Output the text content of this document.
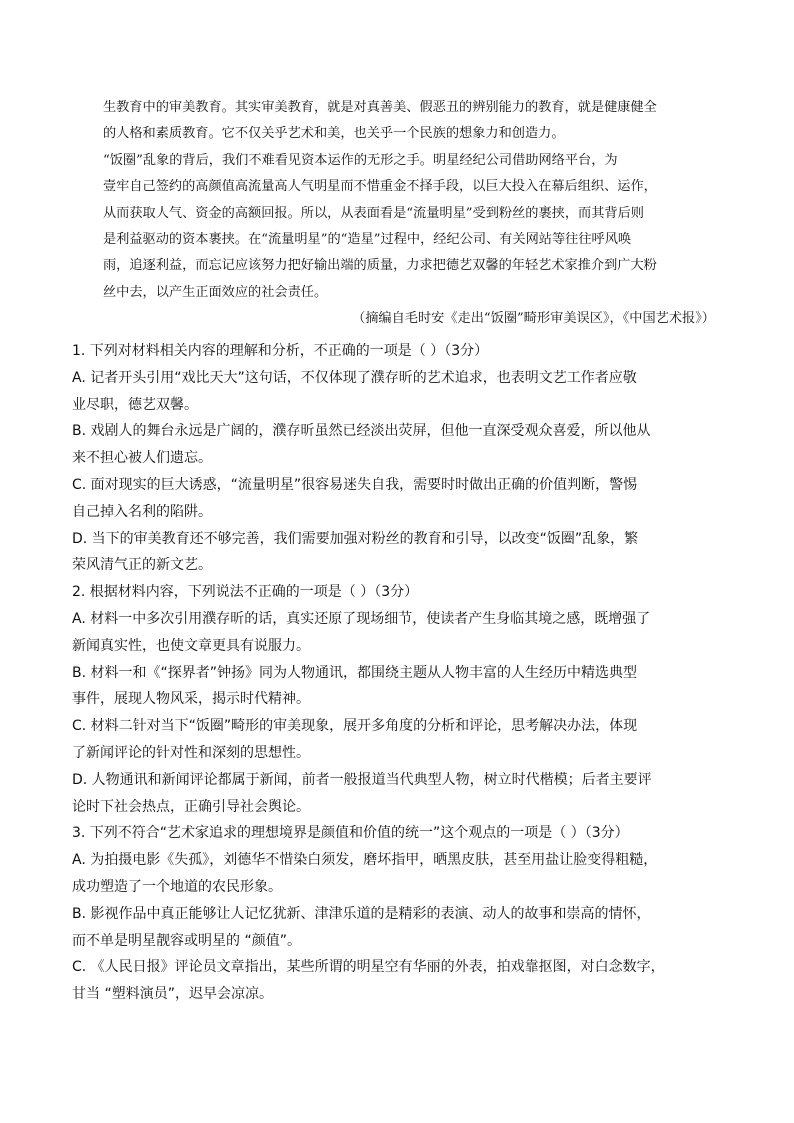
生教育中的审美教育。其实审美教育，就是对真善美、假恶丑的辨别能力的教育，就是健康健全

的人格和素质教育。它不仅关乎艺术和美，也关乎一个民族的想象力和创造力。

“饭圈”乱象的背后，我们不难看见资本运作的无形之手。明星经纪公司借助网络平台，为

壹牢自己签约的高颜值高流量高人气明星而不惜重金不择手段，以巨大投入在幕后组织、运作，

从而获取人气、资金的高额回报。所以，从表面看是“流量明星”受到粉丝的裹挟，而其背后则

是利益驱动的资本裹挟。在“流量明星”的“造星”过程中，经纪公司、有关网站等往往呼风唤

雨，追逐利益，而忘记应该努力把好输出端的质量，力求把德艺双馨的年轻艺术家推介到广大粉

丝中去，以产生正面效应的社会责任。

（摘编自毛时安《走出“饭圈”畸形审美误区》，《中国艺术报》）

1. 下列对材料相关内容的理解和分析，不正确的一项是（ ）（3分）

A. 记者开头引用“戏比天大”这句话，不仅体现了濮存昕的艺术追求，也表明文艺工作者应敬

业尽职，德艺双馨。

B. 戏剧人的舞台永远是广阔的，濮存昕虽然已经淡出荧屏，但他一直深受观众喜爱，所以他从

来不担心被人们遗忘。

C. 面对现实的巨大诱惑，“流量明星”很容易迷失自我，需要时时做出正确的价值判断，警惕

自己掉入名利的陷阱。

D. 当下的审美教育还不够完善，我们需要加强对粉丝的教育和引导，以改变“饭圈”乱象，繁

荣风清气正的新文艺。

2. 根据材料内容，下列说法不正确的一项是（ ）（3分）

A. 材料一中多次引用濮存昕的话，真实还原了现场细节，使读者产生身临其境之感，既增强了

新闻真实性，也使文章更具有说服力。

B. 材料一和《“探界者”钟扬》同为人物通讯，都围绕主题从人物丰富的人生经历中精选典型

事件，展现人物风采，揭示时代精神。

C. 材料二针对当下“饭圈”畸形的审美现象，展开多角度的分析和评论，思考解决办法，体现

了新闻评论的针对性和深刻的思想性。

D. 人物通讯和新闻评论都属于新闻，前者一般报道当代典型人物，树立时代楷模；后者主要评

论时下社会热点，正确引导社会舆论。

3. 下列不符合“艺术家追求的理想境界是颜值和价值的统一”这个观点的一项是（ ）（3分）

A. 为拍摄电影《失孤》，刘德华不惜染白须发，磨坏指甲，晒黑皮肤，甚至用盐让脸变得粗糙，

成功塑造了一个地道的农民形象。

B. 影视作品中真正能够让人记忆犹新、津津乐道的是精彩的表演、动人的故事和崇高的情怀，

而不单是明星靓容或明星的 “颜值”。

C. 《人民日报》评论员文章指出，某些所谓的明星空有华丽的外表，拍戏靠抠图，对白念数字，

甘当 “塑料演员”，迟早会凉凉。
